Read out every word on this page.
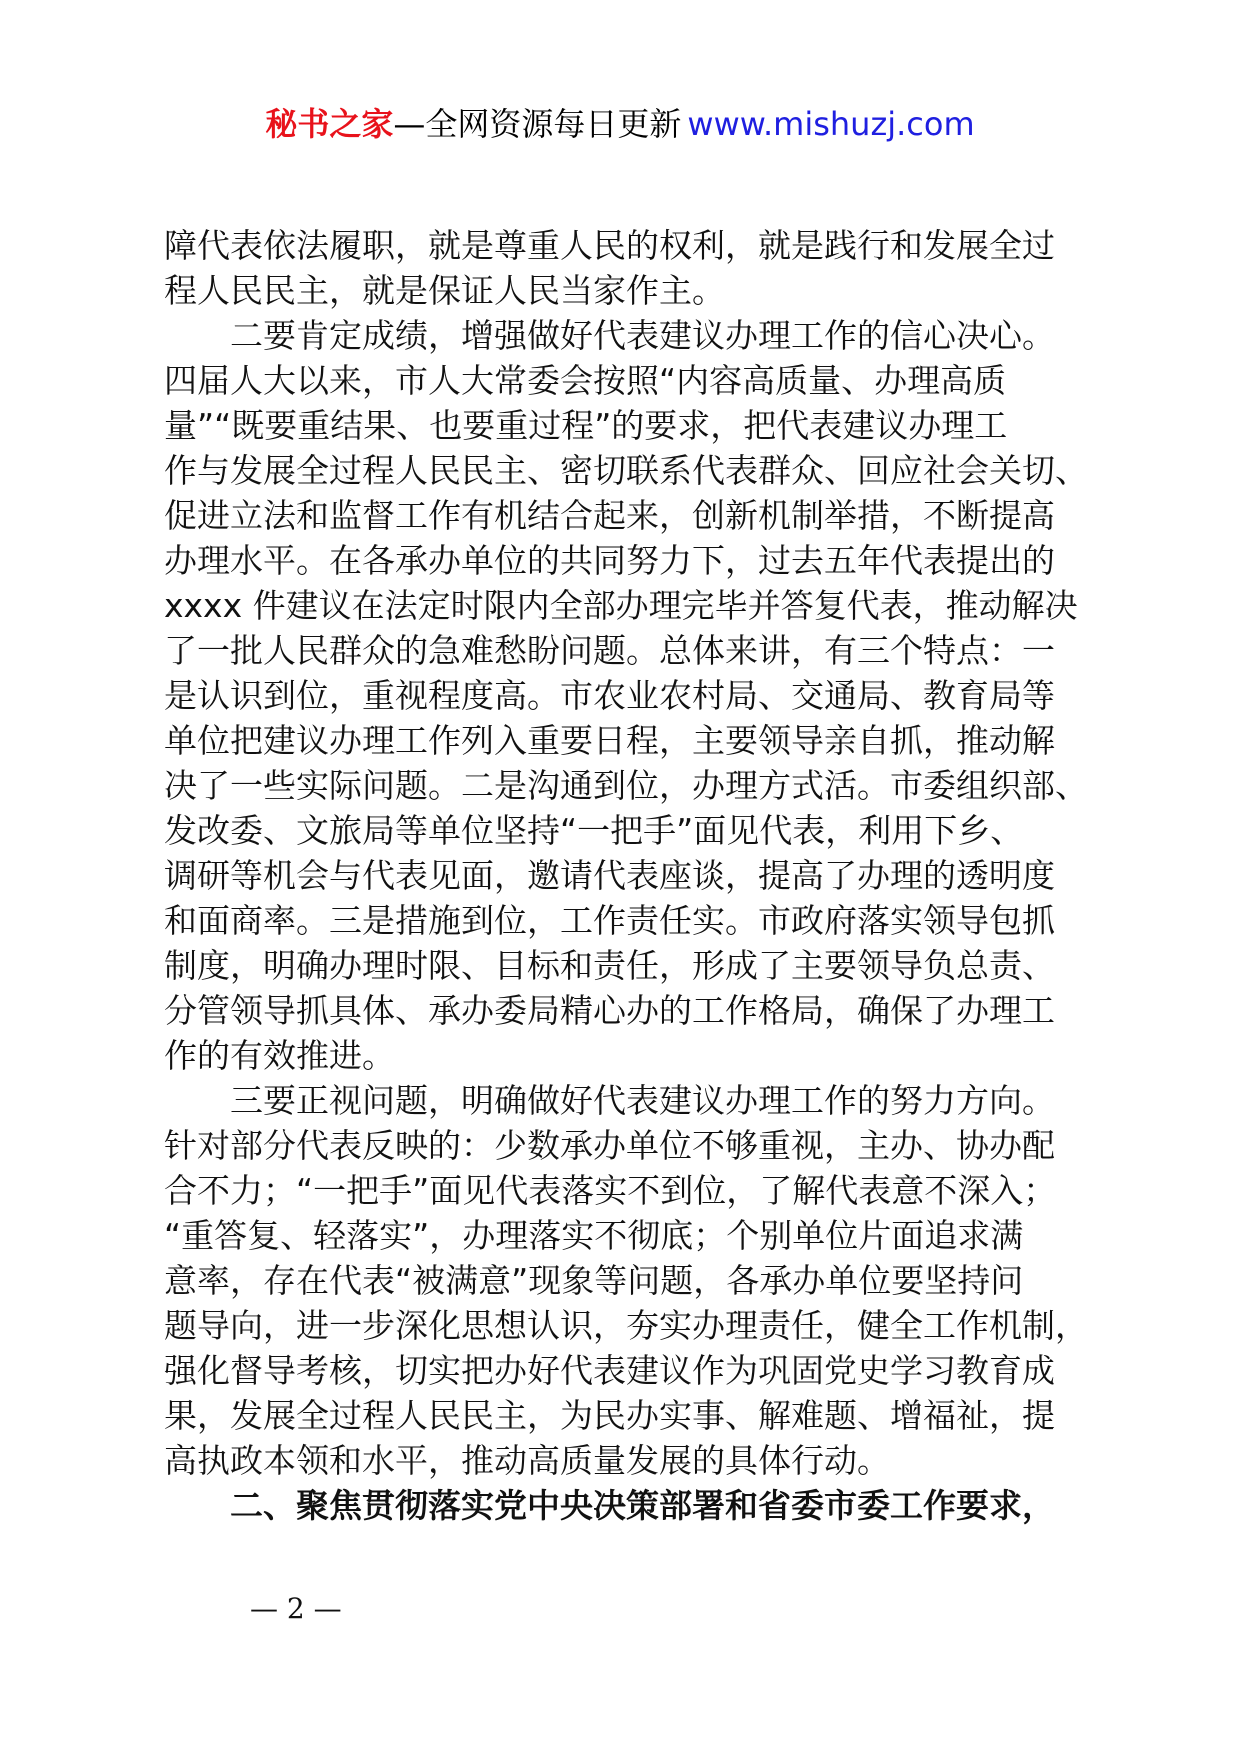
秘书之家—全网资源每日更新 www.mishuzj.com
障代表依法履职，就是尊重人民的权利，就是践行和发展全过
程人民民主，就是保证人民当家作主。
二要肯定成绩，增强做好代表建议办理工作的信心决心。
四届人大以来，市人大常委会按照“内容高质量、办理高质
量”“既要重结果、也要重过程”的要求，把代表建议办理工
作与发展全过程人民民主、密切联系代表群众、回应社会关切、
促进立法和监督工作有机结合起来，创新机制举措，不断提高
办理水平。在各承办单位的共同努力下，过去五年代表提出的
xxxx 件建议在法定时限内全部办理完毕并答复代表，推动解决
了一批人民群众的急难愁盼问题。总体来讲，有三个特点：一
是认识到位，重视程度高。市农业农村局、交通局、教育局等
单位把建议办理工作列入重要日程，主要领导亲自抓，推动解
决了一些实际问题。二是沟通到位，办理方式活。市委组织部、
发改委、文旅局等单位坚持“一把手”面见代表，利用下乡、
调研等机会与代表见面，邀请代表座谈，提高了办理的透明度
和面商率。三是措施到位，工作责任实。市政府落实领导包抓
制度，明确办理时限、目标和责任，形成了主要领导负总责、
分管领导抓具体、承办委局精心办的工作格局，确保了办理工
作的有效推进。
三要正视问题，明确做好代表建议办理工作的努力方向。
针对部分代表反映的：少数承办单位不够重视，主办、协办配
合不力；“一把手”面见代表落实不到位，了解代表意不深入；
“重答复、轻落实”，办理落实不彻底；个别单位片面追求满
意率，存在代表“被满意”现象等问题，各承办单位要坚持问
题导向，进一步深化思想认识，夯实办理责任，健全工作机制，
强化督导考核，切实把办好代表建议作为巩固党史学习教育成
果，发展全过程人民民主，为民办实事、解难题、增福祉，提
高执政本领和水平，推动高质量发展的具体行动。
二、聚焦贯彻落实党中央决策部署和省委市委工作要求，
— 2 —
